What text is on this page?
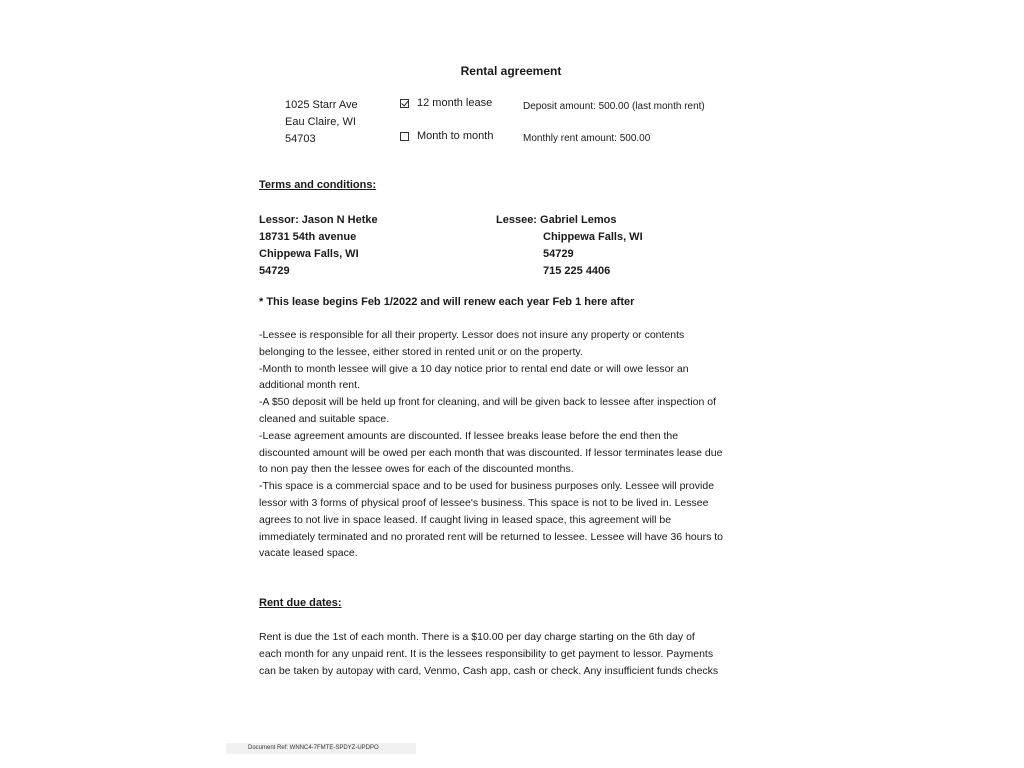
Rental agreement
1025 Starr Ave
Eau Claire, WI
54703
12 month lease
Month to month
Deposit amount: 500.00 (last month rent)
Monthly rent amount: 500.00
Terms and conditions:
Lessor: Jason N Hetke
18731 54th avenue
Chippewa Falls, WI
54729
Lessee: Gabriel Lemos
Chippewa Falls, WI
54729
715 225 4406
* This lease begins Feb 1/2022 and will renew each year Feb 1 here after
-Lessee is responsible for all their property. Lessor does not insure any property or contents
belonging to the lessee, either stored in rented unit or on the property.
-Month to month lessee will give a 10 day notice prior to rental end date or will owe lessor an
additional month rent.
-A $50 deposit will be held up front for cleaning, and will be given back to lessee after inspection of
cleaned and suitable space.
-Lease agreement amounts are discounted. If lessee breaks lease before the end then the
discounted amount will be owed per each month that was discounted. If lessor terminates lease due
to non pay then the lessee owes for each of the discounted months.
-This space is a commercial space and to be used for business purposes only. Lessee will provide
lessor with 3 forms of physical proof of lessee's business. This space is not to be lived in. Lessee
agrees to not live in space leased. If caught living in leased space, this agreement will be
immediately terminated and no prorated rent will be returned to lessee. Lessee will have 36 hours to
vacate leased space.
Rent due dates:
Rent is due the 1st of each month. There is a $10.00 per day charge starting on the 6th day of
each month for any unpaid rent. It is the lessees responsibility to get payment to lessor. Payments
can be taken by autopay with card, Venmo, Cash app, cash or check. Any insufficient funds checks
Document Ref: WNNC4-7FMTE-SPDYZ-UPDPO
